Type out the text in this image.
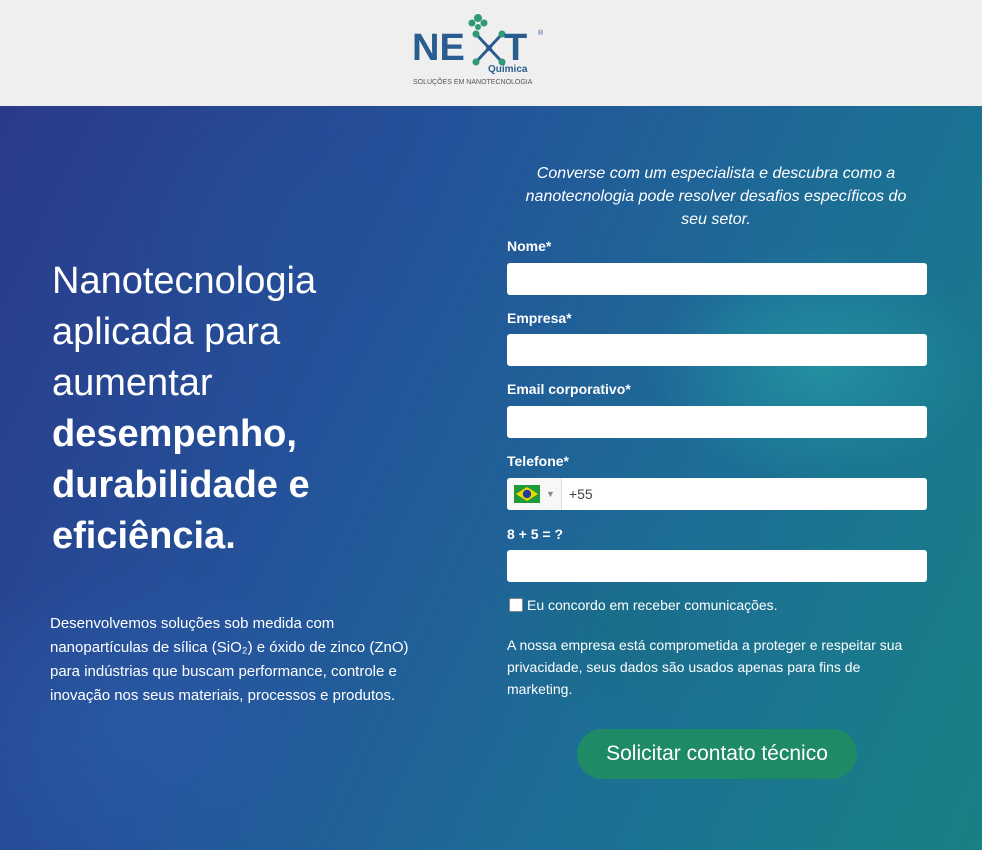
NE T ®
Química
SOLUÇÕES EM NANOTECNOLOGIA
Nanotecnologia
aplicada para
aumentar
desempenho,
durabilidade e
eficiência.
Desenvolvemos soluções sob medida com nanopartículas de sílica (SiO₂) e óxido de zinco (ZnO) para indústrias que buscam performance, controle e inovação nos seus materiais, processos e produtos.
Converse com um especialista e descubra como a nanotecnologia pode resolver desafios específicos do seu setor.
Nome*
Empresa*
Email corporativo*
Telefone*
▼	+55
8 + 5 = ?
Eu concordo em receber comunicações.
A nossa empresa está comprometida a proteger e respeitar sua privacidade, seus dados são usados apenas para fins de marketing.
Solicitar contato técnico
